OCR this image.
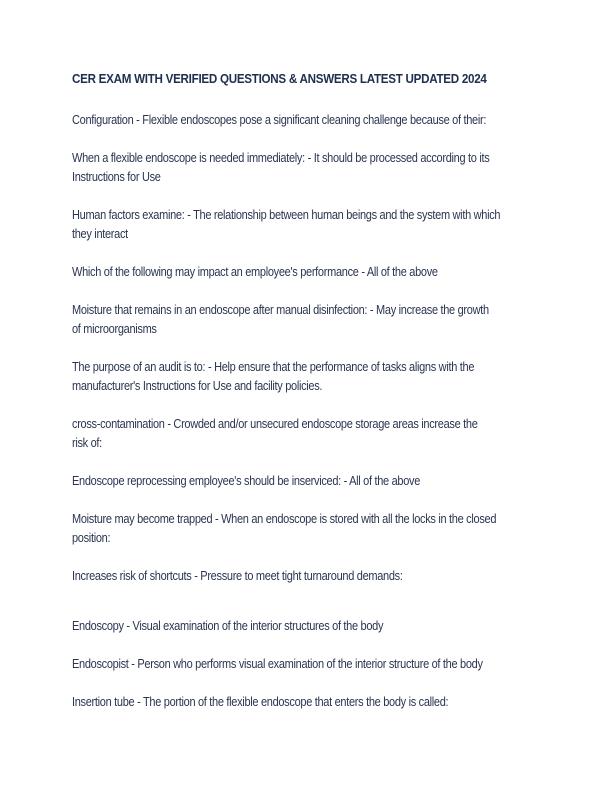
CER EXAM WITH VERIFIED QUESTIONS & ANSWERS LATEST UPDATED 2024
Configuration - Flexible endoscopes pose a significant cleaning challenge because of their:
When a flexible endoscope is needed immediately: - It should be processed according to its
Instructions for Use
Human factors examine: - The relationship between human beings and the system with which
they interact
Which of the following may impact an employee's performance - All of the above
Moisture that remains in an endoscope after manual disinfection: - May increase the growth
of microorganisms
The purpose of an audit is to: - Help ensure that the performance of tasks aligns with the
manufacturer's Instructions for Use and facility policies.
cross-contamination - Crowded and/or unsecured endoscope storage areas increase the
risk of:
Endoscope reprocessing employee's should be inserviced: - All of the above
Moisture may become trapped - When an endoscope is stored with all the locks in the closed
position:
Increases risk of shortcuts - Pressure to meet tight turnaround demands:
Endoscopy - Visual examination of the interior structures of the body
Endoscopist - Person who performs visual examination of the interior structure of the body
Insertion tube - The portion of the flexible endoscope that enters the body is called:
